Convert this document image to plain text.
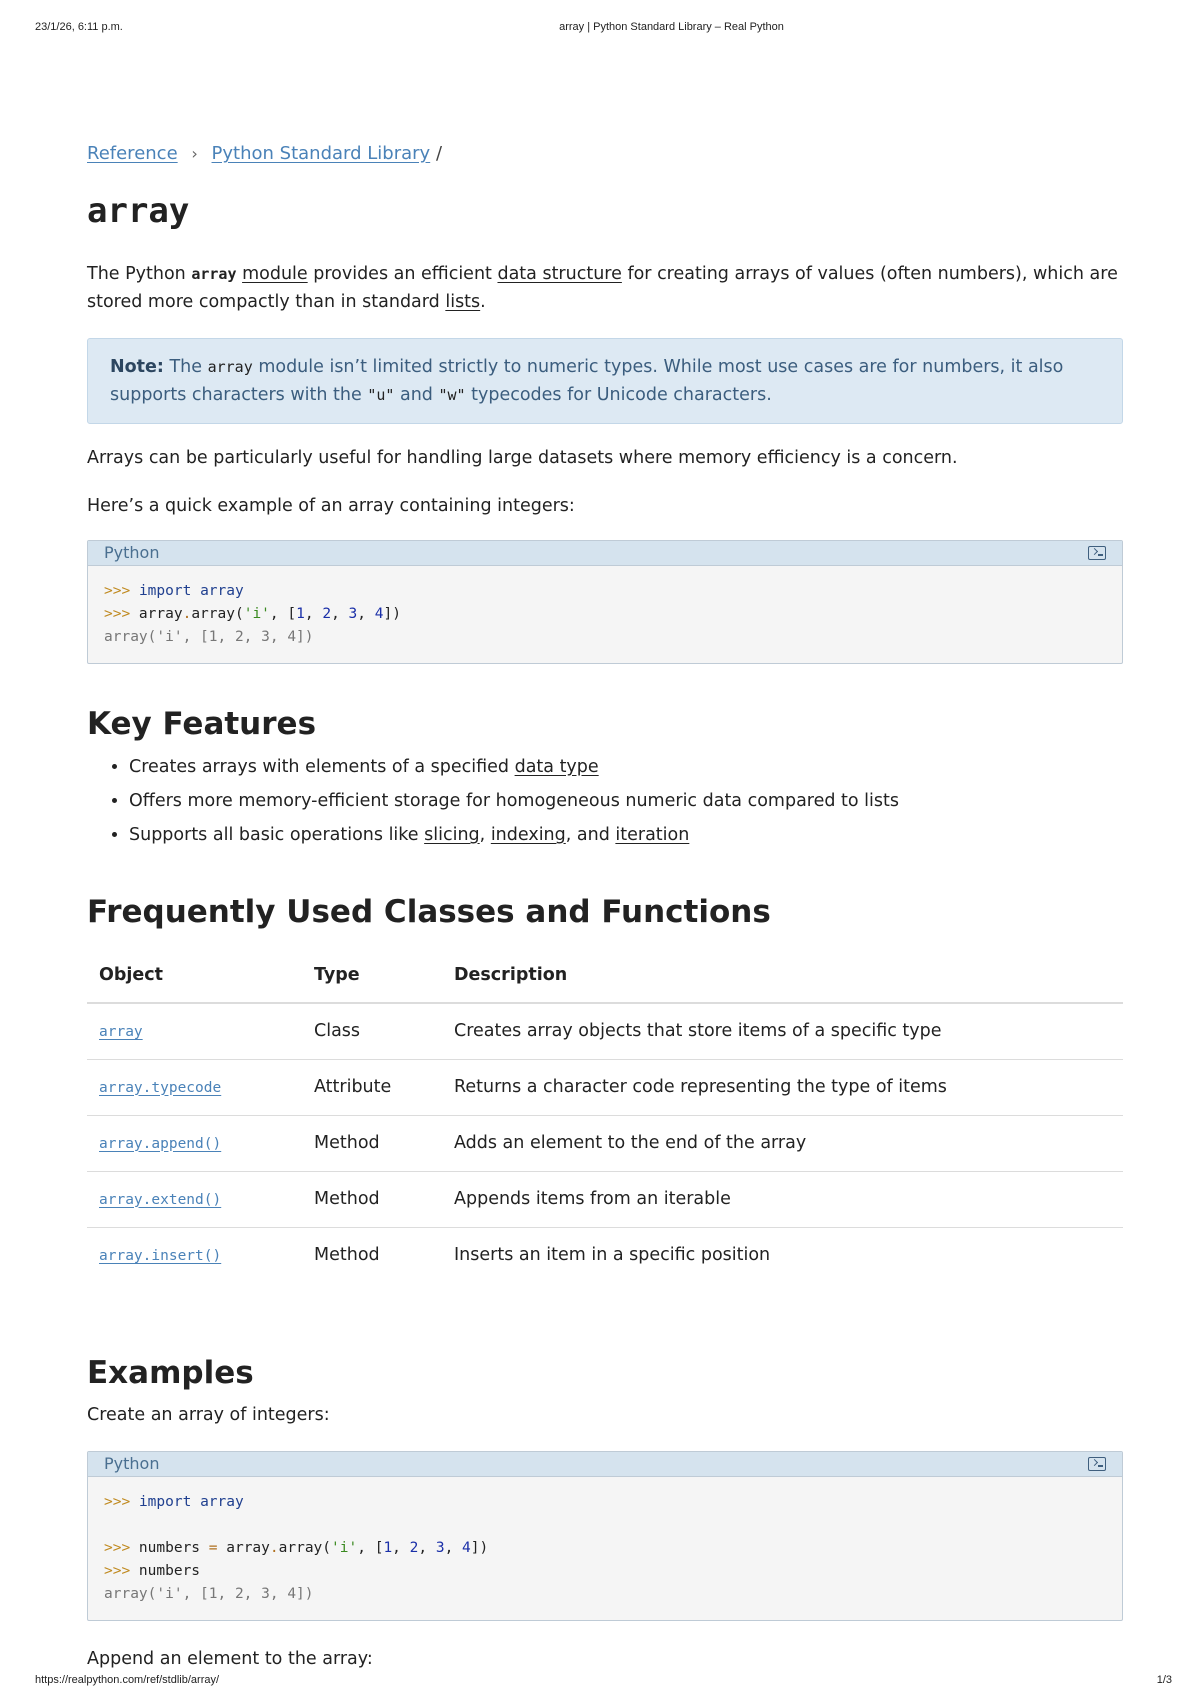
23/1/26, 6:11 p.m.	array | Python Standard Library – Real Python
Reference › Python Standard Library /
array

The Python array module provides an efficient data structure for creating arrays of values (often numbers), which are stored more compactly than in standard lists.

Note: The array module isn’t limited strictly to numeric types. While most use cases are for numbers, it also supports characters with the "u" and "w" typecodes for Unicode characters.

Arrays can be particularly useful for handling large datasets where memory efficiency is a concern.

Here’s a quick example of an array containing integers:

Python
>>> import array
>>> array.array('i', [1, 2, 3, 4])
array('i', [1, 2, 3, 4])
Key Features
• Creates arrays with elements of a specified data type
• Offers more memory-efficient storage for homogeneous numeric data compared to lists
• Supports all basic operations like slicing, indexing, and iteration
Frequently Used Classes and Functions
Object	Type	Description
array	Class	Creates array objects that store items of a specific type
array.typecode	Attribute	Returns a character code representing the type of items
array.append()	Method	Adds an element to the end of the array
array.extend()	Method	Appends items from an iterable
array.insert()	Method	Inserts an item in a specific position
Examples

Create an array of integers:

Python
>>> import array

>>> numbers = array.array('i', [1, 2, 3, 4])
>>> numbers
array('i', [1, 2, 3, 4])

Append an element to the array:

https://realpython.com/ref/stdlib/array/	1/3
